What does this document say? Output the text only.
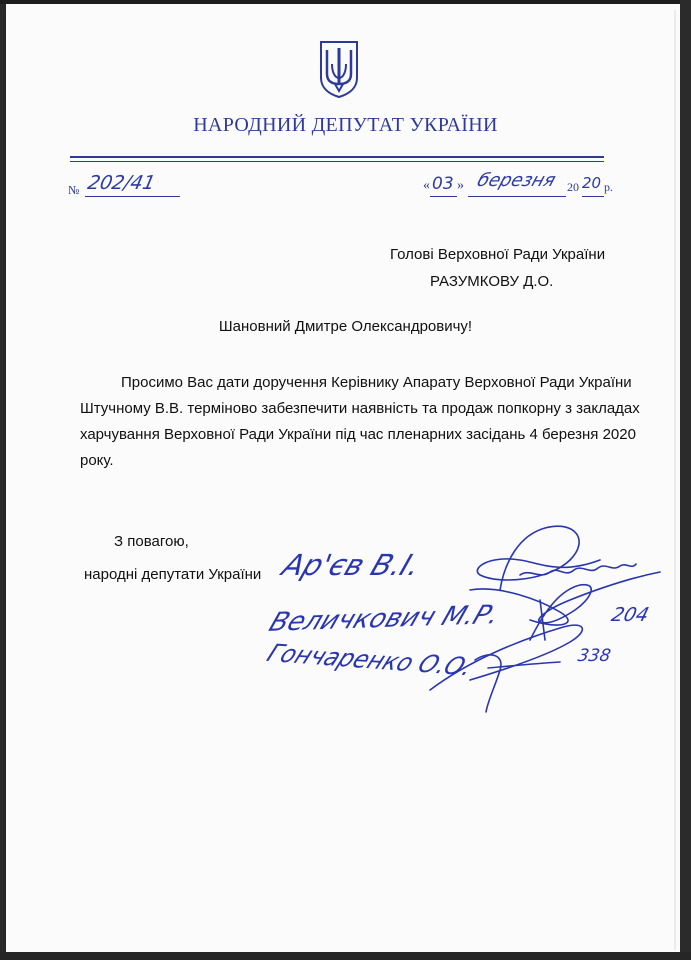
НАРОДНИЙ ДЕПУТАТ УКРАЇНИ
№ 202/41	« 03 » березня 20 20 р.
Голові Верховної Ради України
РАЗУМКОВУ Д.О.
Шановний Дмитре Олександровичу!
Просимо Вас дати доручення Керівнику Апарату Верховної Ради України
Штучному В.В. терміново забезпечити наявність та продаж попкорну з закладах
харчування Верховної Ради України під час пленарних засідань 4 березня 2020
року.
З повагою,
народні депутати України Ар'єв В.І.
Величкович М.Р.
Гончаренко О.О.
204
338
